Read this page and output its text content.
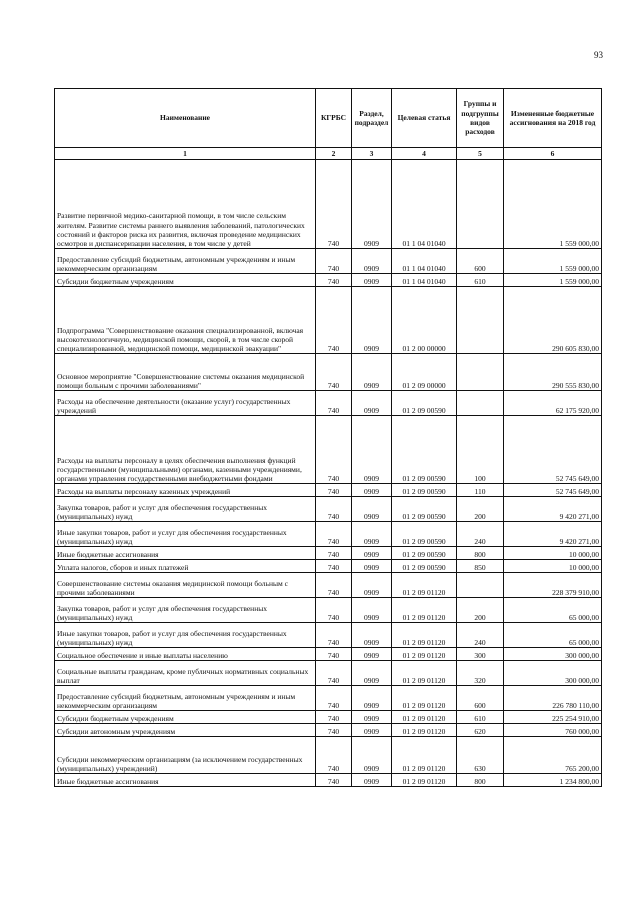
93
Наименование	КГРБС	Раздел, подраздел	Целевая статья	Группы и подгруппы видов расходов	Измененные бюджетные ассигнования на 2018 год
1	2	3	4	5	6
Развитие первичной медико-санитарной помощи, в том числе сельским жителям. Развитие системы раннего выявления заболеваний, патологических состояний и факторов риска их развития, включая проведение медицинских осмотров и диспансеризации населения, в том числе у детей	740	0909	01 1 04 01040		1 559 000,00
Предоставление субсидий бюджетным, автономным учреждениям и иным некоммерческим организациям	740	0909	01 1 04 01040	600	1 559 000,00
Субсидии бюджетным учреждениям	740	0909	01 1 04 01040	610	1 559 000,00
Подпрограмма "Совершенствование оказания специализированной, включая высокотехнологичную, медицинской помощи, скорой, в том числе скорой специализированной, медицинской помощи, медицинской эвакуации"	740	0909	01 2 00 00000		290 605 830,00
Основное мероприятие "Совершенствование системы оказания медицинской помощи больным с прочими заболеваниями"	740	0909	01 2 09 00000		290 555 830,00
Расходы на обеспечение деятельности (оказание услуг) государственных учреждений	740	0909	01 2 09 00590		62 175 920,00
Расходы на выплаты персоналу в целях обеспечения выполнения функций государственными (муниципальными) органами, казенными учреждениями, органами управления государственными внебюджетными фондами	740	0909	01 2 09 00590	100	52 745 649,00
Расходы на выплаты персоналу казенных учреждений	740	0909	01 2 09 00590	110	52 745 649,00
Закупка товаров, работ и услуг для обеспечения государственных (муниципальных) нужд	740	0909	01 2 09 00590	200	9 420 271,00
Иные закупки товаров, работ и услуг для обеспечения государственных (муниципальных) нужд	740	0909	01 2 09 00590	240	9 420 271,00
Иные бюджетные ассигнования	740	0909	01 2 09 00590	800	10 000,00
Уплата налогов, сборов и иных платежей	740	0909	01 2 09 00590	850	10 000,00
Совершенствование системы оказания медицинской помощи больным с прочими заболеваниями	740	0909	01 2 09 01120		228 379 910,00
Закупка товаров, работ и услуг для обеспечения государственных (муниципальных) нужд	740	0909	01 2 09 01120	200	65 000,00
Иные закупки товаров, работ и услуг для обеспечения государственных (муниципальных) нужд	740	0909	01 2 09 01120	240	65 000,00
Социальное обеспечение и иные выплаты населению	740	0909	01 2 09 01120	300	300 000,00
Социальные выплаты гражданам, кроме публичных нормативных социальных выплат	740	0909	01 2 09 01120	320	300 000,00
Предоставление субсидий бюджетным, автономным учреждениям и иным некоммерческим организациям	740	0909	01 2 09 01120	600	226 780 110,00
Субсидии бюджетным учреждениям	740	0909	01 2 09 01120	610	225 254 910,00
Субсидии автономным учреждениям	740	0909	01 2 09 01120	620	760 000,00
Субсидии некоммерческим организациям (за исключением государственных (муниципальных) учреждений)	740	0909	01 2 09 01120	630	765 200,00
Иные бюджетные ассигнования	740	0909	01 2 09 01120	800	1 234 800,00
